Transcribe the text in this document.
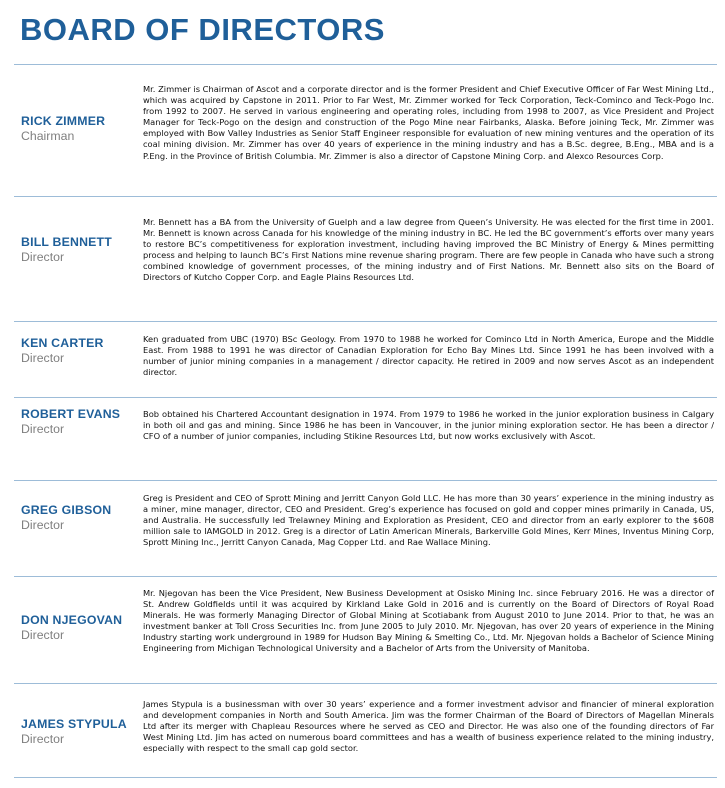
BOARD OF DIRECTORS
RICK ZIMMER
Chairman

Mr. Zimmer is Chairman of Ascot and a corporate director and is the former President and Chief Executive Officer of Far West Mining Ltd., which was acquired by Capstone in 2011. Prior to Far West, Mr. Zimmer worked for Teck Corporation, Teck-Cominco and Teck-Pogo Inc. from 1992 to 2007. He served in various engineering and operating roles, including from 1998 to 2007, as Vice President and Project Manager for Teck-Pogo on the design and construction of the Pogo Mine near Fairbanks, Alaska. Before joining Teck, Mr. Zimmer was employed with Bow Valley Industries as Senior Staff Engineer responsible for evaluation of new mining ventures and the operation of its coal mining division. Mr. Zimmer has over 40 years of experience in the mining industry and has a B.Sc. degree, B.Eng., MBA and is a P.Eng. in the Province of British Columbia. Mr. Zimmer is also a director of Capstone Mining Corp. and Alexco Resources Corp.

BILL BENNETT
Director

Mr. Bennett has a BA from the University of Guelph and a law degree from Queen’s University. He was elected for the first time in 2001. Mr. Bennett is known across Canada for his knowledge of the mining industry in BC. He led the BC government’s efforts over many years to restore BC’s competitiveness for exploration investment, including having improved the BC Ministry of Energy & Mines permitting process and helping to launch BC’s First Nations mine revenue sharing program. There are few people in Canada who have such a strong combined knowledge of government processes, of the mining industry and of First Nations. Mr. Bennett also sits on the Board of Directors of Kutcho Copper Corp. and Eagle Plains Resources Ltd.

KEN CARTER
Director

Ken graduated from UBC (1970) BSc Geology. From 1970 to 1988 he worked for Cominco Ltd in North America, Europe and the Middle East. From 1988 to 1991 he was director of Canadian Exploration for Echo Bay Mines Ltd. Since 1991 he has been involved with a number of junior mining companies in a management / director capacity. He retired in 2009 and now serves Ascot as an independent director.

ROBERT EVANS
Director

Bob obtained his Chartered Accountant designation in 1974. From 1979 to 1986 he worked in the junior exploration business in Calgary in both oil and gas and mining. Since 1986 he has been in Vancouver, in the junior mining exploration sector. He has been a director / CFO of a number of junior companies, including Stikine Resources Ltd, but now works exclusively with Ascot.

GREG GIBSON
Director

Greg is President and CEO of Sprott Mining and Jerritt Canyon Gold LLC. He has more than 30 years’ experience in the mining industry as a miner, mine manager, director, CEO and President. Greg’s experience has focused on gold and copper mines primarily in Canada, US, and Australia. He successfully led Trelawney Mining and Exploration as President, CEO and director from an early explorer to the $608 million sale to IAMGOLD in 2012. Greg is a director of Latin American Minerals, Barkerville Gold Mines, Kerr Mines, Inventus Mining Corp, Sprott Mining Inc., Jerritt Canyon Canada, Mag Copper Ltd. and Rae Wallace Mining.

DON NJEGOVAN
Director

Mr. Njegovan has been the Vice President, New Business Development at Osisko Mining Inc. since February 2016. He was a director of St. Andrew Goldfields until it was acquired by Kirkland Lake Gold in 2016 and is currently on the Board of Directors of Royal Road Minerals. He was formerly Managing Director of Global Mining at Scotiabank from August 2010 to June 2014. Prior to that, he was an investment banker at Toll Cross Securities Inc. from June 2005 to July 2010. Mr. Njegovan, has over 20 years of experience in the Mining Industry starting work underground in 1989 for Hudson Bay Mining & Smelting Co., Ltd. Mr. Njegovan holds a Bachelor of Science Mining Engineering from Michigan Technological University and a Bachelor of Arts from the University of Manitoba.

JAMES STYPULA
Director

James Stypula is a businessman with over 30 years’ experience and a former investment advisor and financier of mineral exploration and development companies in North and South America. Jim was the former Chairman of the Board of Directors of Magellan Minerals Ltd after its merger with Chapleau Resources where he served as CEO and Director. He was also one of the founding directors of Far West Mining Ltd. Jim has acted on numerous board committees and has a wealth of business experience related to the mining industry, especially with respect to the small cap gold sector.
